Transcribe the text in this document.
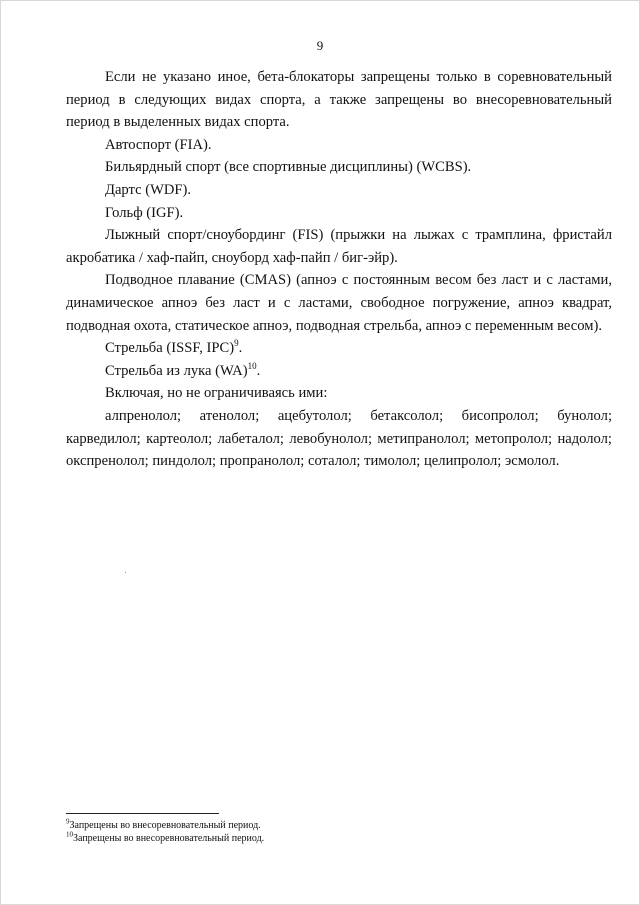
9

Если не указано иное, бета-блокаторы запрещены только в соревновательный период в следующих видах спорта, а также запрещены во внесоревновательный период в выделенных видах спорта.

Автоспорт (FIA).

Бильярдный спорт (все спортивные дисциплины) (WCBS).

Дартс (WDF).

Гольф (IGF).

Лыжный спорт/сноубординг (FIS) (прыжки на лыжах с трамплина, фристайл акробатика / хаф-пайп, сноуборд хаф-пайп / биг-эйр).

Подводное плавание (CMAS) (апноэ с постоянным весом без ласт и с ластами, динамическое апноэ без ласт и с ластами, свободное погружение, апноэ квадрат, подводная охота, статическое апноэ, подводная стрельба, апноэ с переменным весом).

Стрельба (ISSF, IPC)$^9$.

Стрельба из лука (WA)$^{10}$.

Включая, но не ограничиваясь ими:

алпренолол; атенолол; ацебутолол; бетаксолол; бисопролол; бунолол; карведилол; картеолол; лабеталол; левобунолол; метипранолол; метопролол; надолол; окспренолол; пиндолол; пропранолол; соталол; тимолол; целипролол; эсмолол.

$^9$Запрещены во внесоревновательный период.
$^{10}$Запрещены во внесоревновательный период.
